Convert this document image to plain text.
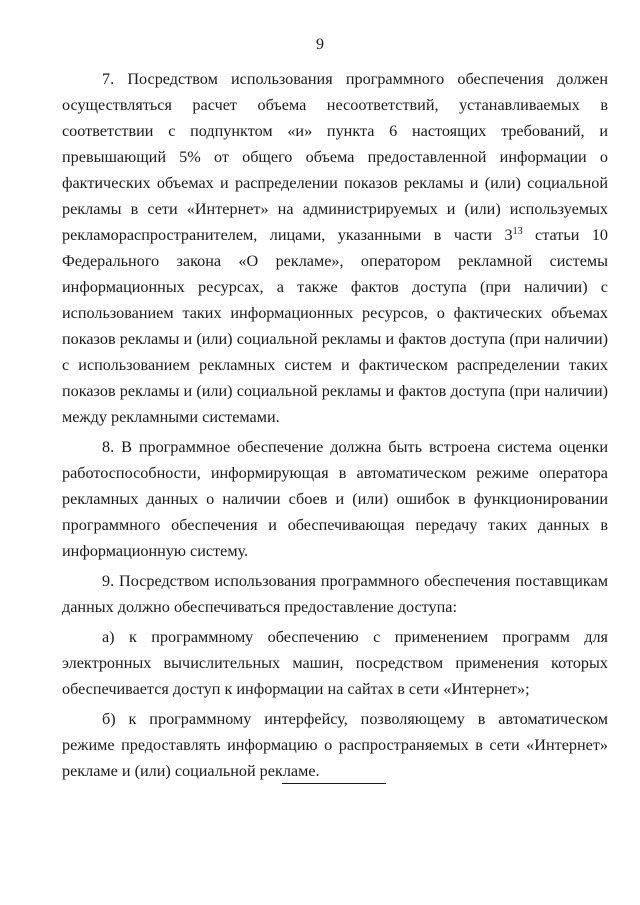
9

7. Посредством использования программного обеспечения должен осуществляться расчет объема несоответствий, устанавливаемых в соответствии с подпунктом «и» пункта 6 настоящих требований, и превышающий 5% от общего объема предоставленной информации о фактических объемах и распределении показов рекламы и (или) социальной рекламы в сети «Интернет» на администрируемых и (или) используемых рекламораспространителем, лицами, указанными в части $3^{13}$ статьи 10 Федерального закона «О рекламе», оператором рекламной системы информационных ресурсах, а также фактов доступа (при наличии) с использованием таких информационных ресурсов, о фактических объемах показов рекламы и (или) социальной рекламы и фактов доступа (при наличии) с использованием рекламных систем и фактическом распределении таких показов рекламы и (или) социальной рекламы и фактов доступа (при наличии) между рекламными системами.

8. В программное обеспечение должна быть встроена система оценки работоспособности, информирующая в автоматическом режиме оператора рекламных данных о наличии сбоев и (или) ошибок в функционировании программного обеспечения и обеспечивающая передачу таких данных в информационную систему.

9. Посредством использования программного обеспечения поставщикам данных должно обеспечиваться предоставление доступа:

а) к программному обеспечению с применением программ для электронных вычислительных машин, посредством применения которых обеспечивается доступ к информации на сайтах в сети «Интернет»;

б) к программному интерфейсу, позволяющему в автоматическом режиме предоставлять информацию о распространяемых в сети «Интернет» рекламе и (или) социальной рекламе.
